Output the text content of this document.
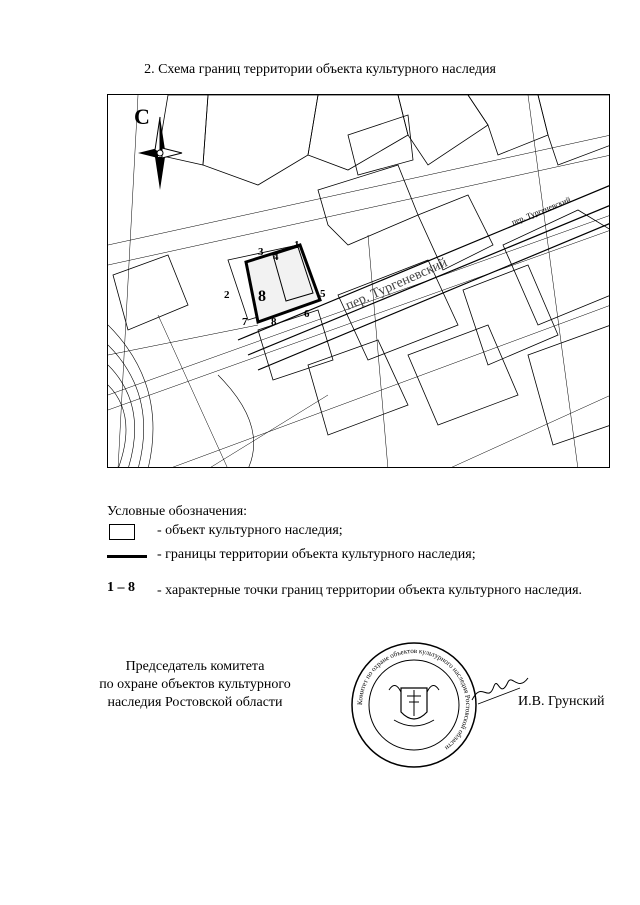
2. Схема границ территории объекта культурного наследия
1
2
3 4
5
6
7 8
8	пер. Тургеневский
пер. Тургеневский
С
Условные обозначения:
- объект культурного наследия;
- границы территории объекта культурного наследия;
1 – 8	- характерные точки границ территории объекта культурного наследия.
Председатель комитета
по охране объектов культурного
наследия Ростовской области	Комитет по охране объектов культурного наследия Ростовской области
И.В. Грунский
